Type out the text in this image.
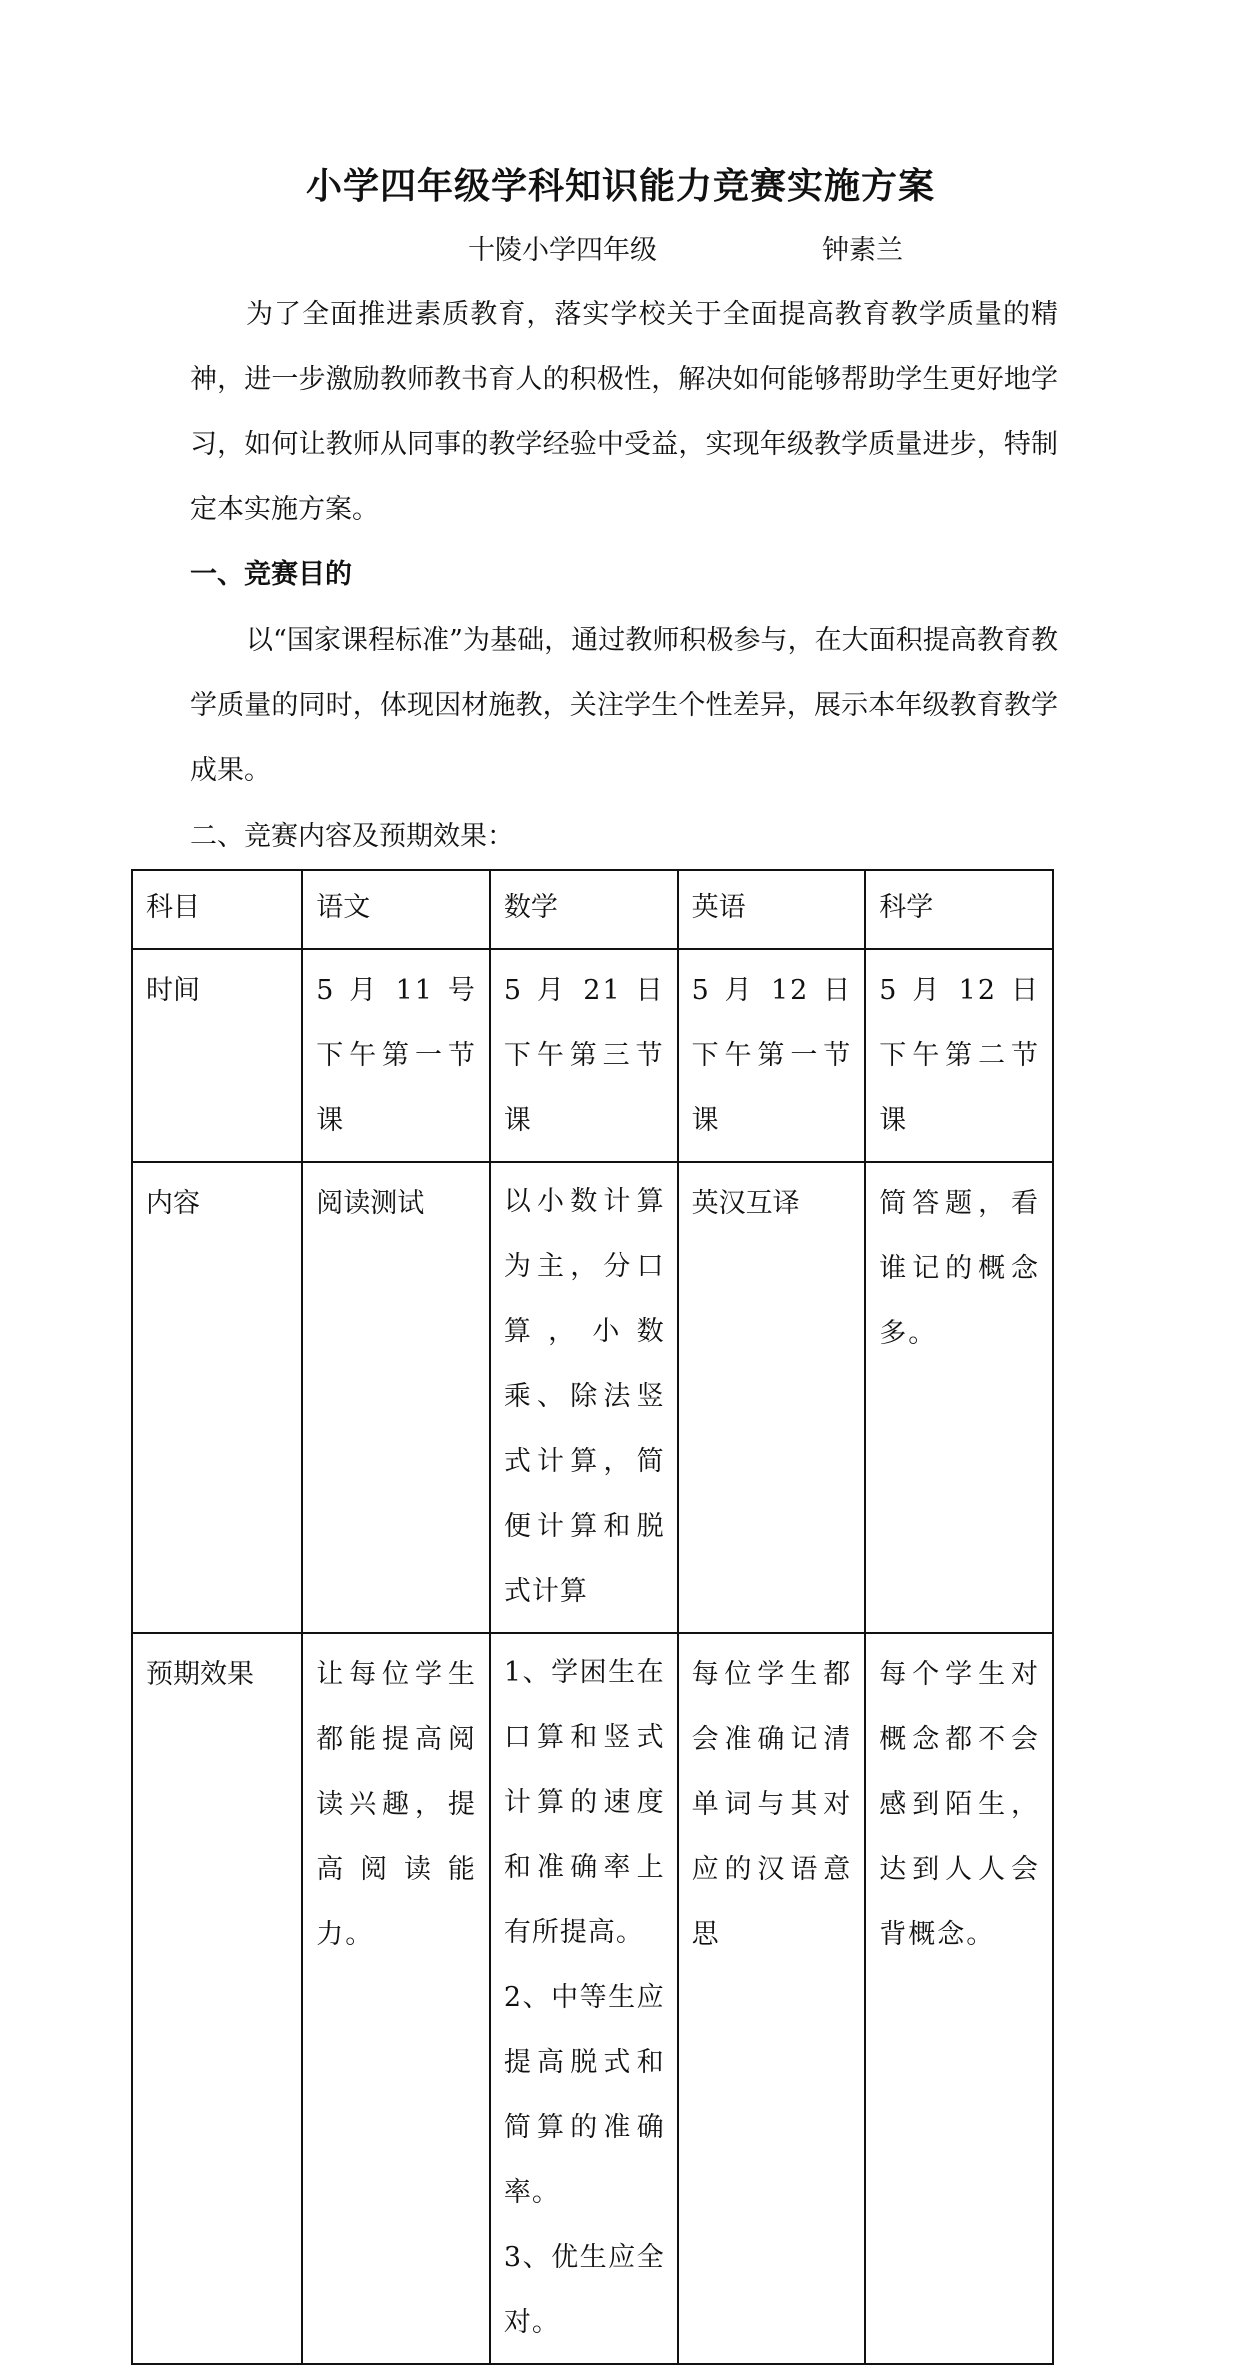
小学四年级学科知识能力竞赛实施方案
十陵小学四年级	钟素兰

为了全面推进素质教育，落实学校关于全面提高教育教学质量的精神，进一步激励教师教书育人的积极性，解决如何能够帮助学生更好地学习，如何让教师从同事的教学经验中受益，实现年级教学质量进步，特制定本实施方案。

一、竞赛目的

以“国家课程标准”为基础，通过教师积极参与，在大面积提高教育教学质量的同时，体现因材施教，关注学生个性差异，展示本年级教育教学成果。

二、竞赛内容及预期效果：
科目	语文	数学	英语	科学
时间	5 月 11 号下午第一节课	5 月 21 日下午第三节课	5 月 12 日下午第一节课	5 月 12 日下午第二节课
内容	阅读测试	以小数计算为主，分口算，小数乘、除法竖式计算，简便计算和脱式计算	英汉互译	简答题，看谁记的概念多。
预期效果	让每位学生都能提高阅读兴趣，提高阅读能力。	1、学困生在口算和竖式计算的速度和准确率上有所提高。
2、中等生应提高脱式和简算的准确率。
3、优生应全对。	每位学生都会准确记清单词与其对应的汉语意思	每个学生对概念都不会感到陌生，达到人人会背概念。
